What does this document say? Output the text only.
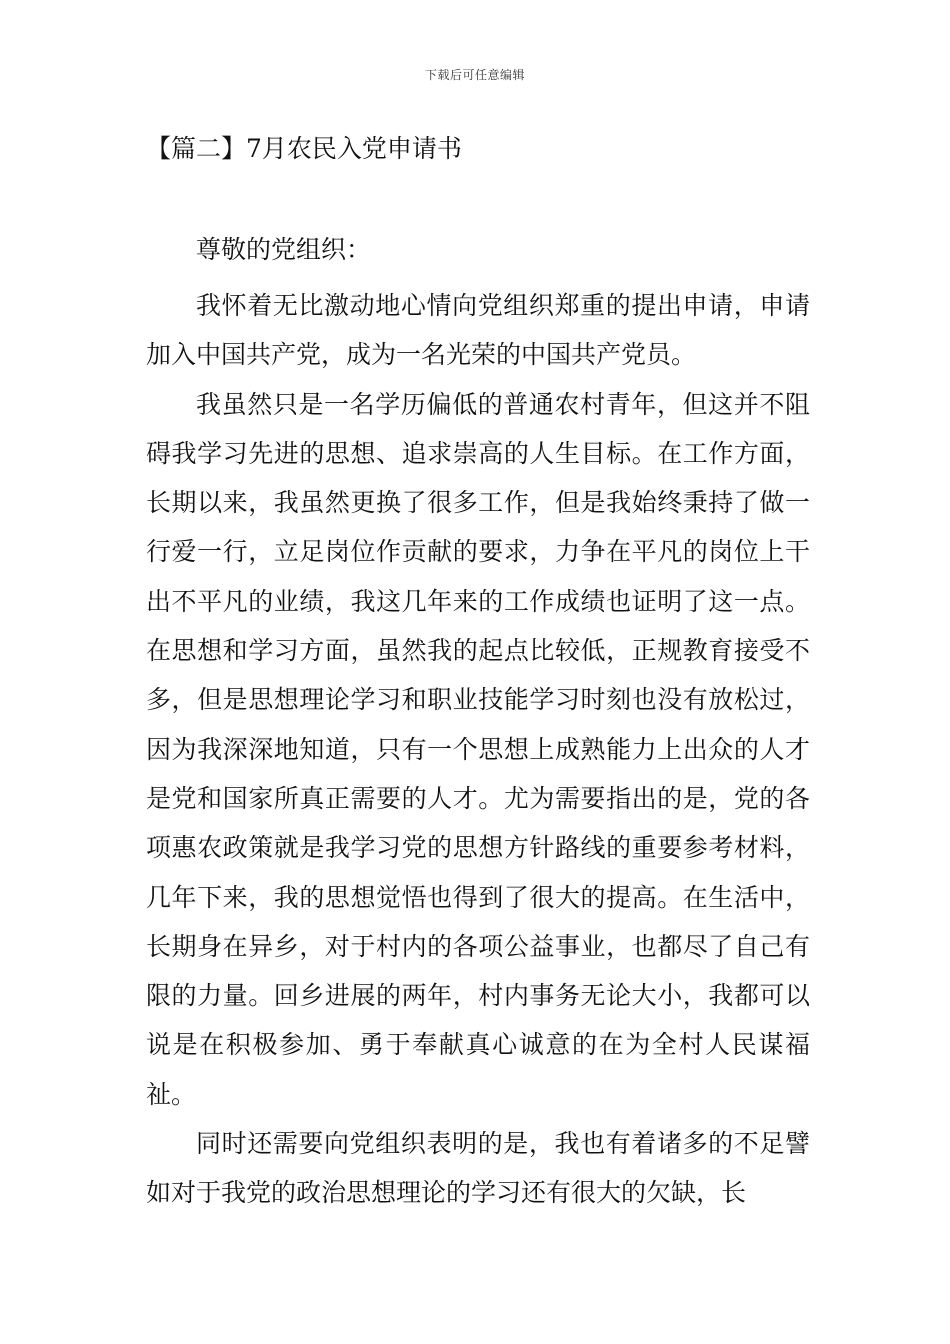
下载后可任意编辑
【篇二】7月农民入党申请书

尊敬的党组织：

我怀着无比激动地心情向党组织郑重的提出申请，申请加入中国共产党，成为一名光荣的中国共产党员。

我虽然只是一名学历偏低的普通农村青年，但这并不阻碍我学习先进的思想、追求崇高的人生目标。在工作方面，长期以来，我虽然更换了很多工作，但是我始终秉持了做一行爱一行，立足岗位作贡献的要求，力争在平凡的岗位上干出不平凡的业绩，我这几年来的工作成绩也证明了这一点。在思想和学习方面，虽然我的起点比较低，正规教育接受不多，但是思想理论学习和职业技能学习时刻也没有放松过，因为我深深地知道，只有一个思想上成熟能力上出众的人才是党和国家所真正需要的人才。尤为需要指出的是，党的各项惠农政策就是我学习党的思想方针路线的重要参考材料，几年下来，我的思想觉悟也得到了很大的提高。在生活中，长期身在异乡，对于村内的各项公益事业，也都尽了自己有限的力量。回乡进展的两年，村内事务无论大小，我都可以说是在积极参加、勇于奉献真心诚意的在为全村人民谋福祉。

同时还需要向党组织表明的是，我也有着诸多的不足譬如对于我党的政治思想理论的学习还有很大的欠缺，长
